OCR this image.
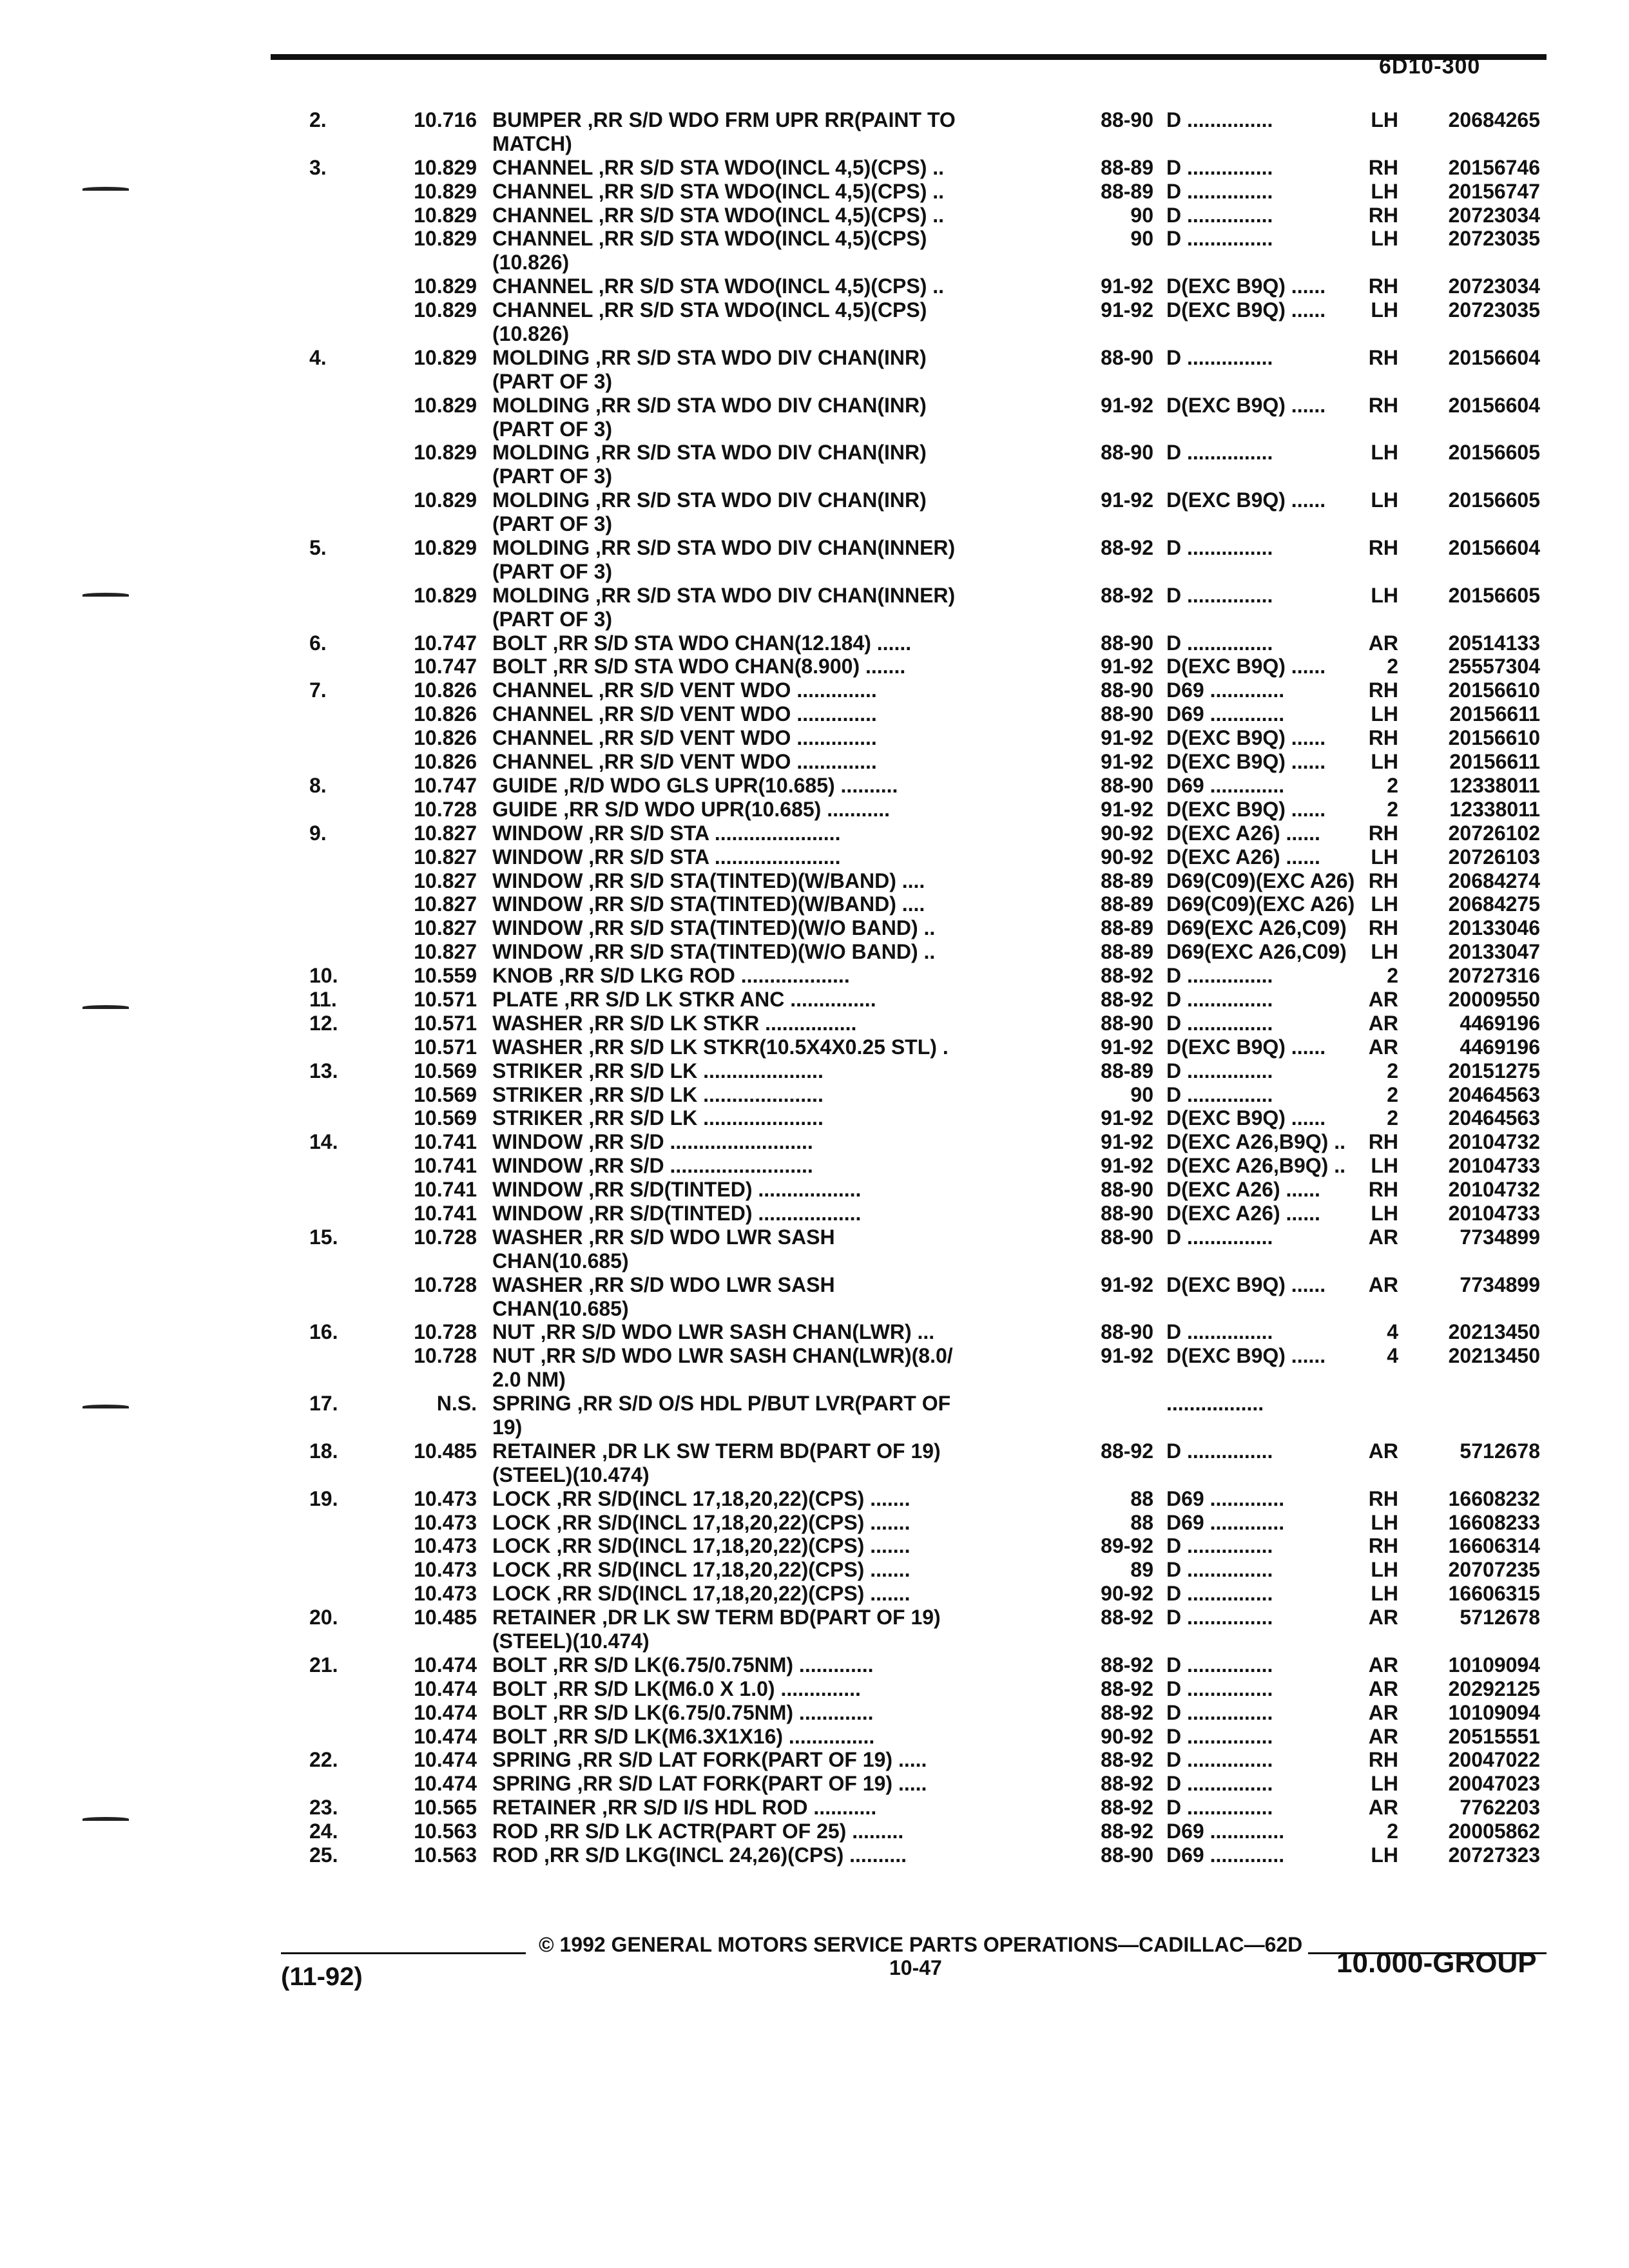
6D10-300
2.	10.716 BUMPER ,RR S/D WDO FRM UPR RR(PAINT TO	88-90 D ...............	LH	20684265
MATCH)
3.	10.829 CHANNEL ,RR S/D STA WDO(INCL 4,5)(CPS) ..	88-89 D ...............	RH	20156746
10.829 CHANNEL ,RR S/D STA WDO(INCL 4,5)(CPS) ..	88-89 D ...............	LH	20156747
10.829 CHANNEL ,RR S/D STA WDO(INCL 4,5)(CPS) ..	90 D ...............	RH	20723034
10.829 CHANNEL ,RR S/D STA WDO(INCL 4,5)(CPS)	90 D ...............	LH	20723035
(10.826)
10.829 CHANNEL ,RR S/D STA WDO(INCL 4,5)(CPS) ..	91-92 D(EXC B9Q) ......	RH	20723034
10.829 CHANNEL ,RR S/D STA WDO(INCL 4,5)(CPS)	91-92 D(EXC B9Q) ......	LH	20723035
(10.826)
4.	10.829 MOLDING ,RR S/D STA WDO DIV CHAN(INR)	88-90 D ...............	RH	20156604
(PART OF 3)
10.829 MOLDING ,RR S/D STA WDO DIV CHAN(INR)	91-92 D(EXC B9Q) ......	RH	20156604
(PART OF 3)
10.829 MOLDING ,RR S/D STA WDO DIV CHAN(INR)	88-90 D ...............	LH	20156605
(PART OF 3)
10.829 MOLDING ,RR S/D STA WDO DIV CHAN(INR)	91-92 D(EXC B9Q) ......	LH	20156605
(PART OF 3)
5.	10.829 MOLDING ,RR S/D STA WDO DIV CHAN(INNER)	88-92 D ...............	RH	20156604
(PART OF 3)
10.829 MOLDING ,RR S/D STA WDO DIV CHAN(INNER)	88-92 D ...............	LH	20156605
(PART OF 3)
6.	10.747 BOLT ,RR S/D STA WDO CHAN(12.184) ......	88-90 D ...............	AR	20514133
10.747 BOLT ,RR S/D STA WDO CHAN(8.900) .......	91-92 D(EXC B9Q) ......	2	25557304
7.	10.826 CHANNEL ,RR S/D VENT WDO ..............	88-90 D69 .............	RH	20156610
10.826 CHANNEL ,RR S/D VENT WDO ..............	88-90 D69 .............	LH	20156611
10.826 CHANNEL ,RR S/D VENT WDO ..............	91-92 D(EXC B9Q) ......	RH	20156610
10.826 CHANNEL ,RR S/D VENT WDO ..............	91-92 D(EXC B9Q) ......	LH	20156611
8.	10.747 GUIDE ,R/D WDO GLS UPR(10.685) ..........	88-90 D69 .............	2	12338011
10.728 GUIDE ,RR S/D WDO UPR(10.685) ...........	91-92 D(EXC B9Q) ......	2	12338011
9.	10.827 WINDOW ,RR S/D STA ......................	90-92 D(EXC A26) ......	RH	20726102
10.827 WINDOW ,RR S/D STA ......................	90-92 D(EXC A26) ......	LH	20726103
10.827 WINDOW ,RR S/D STA(TINTED)(W/BAND) ....	88-89 D69(C09)(EXC A26) RH	20684274
10.827 WINDOW ,RR S/D STA(TINTED)(W/BAND) ....	88-89 D69(C09)(EXC A26) LH	20684275
10.827 WINDOW ,RR S/D STA(TINTED)(W/O BAND) ..	88-89 D69(EXC A26,C09)	RH	20133046
10.827 WINDOW ,RR S/D STA(TINTED)(W/O BAND) ..	88-89 D69(EXC A26,C09)	LH	20133047
10.	10.559 KNOB ,RR S/D LKG ROD ...................	88-92 D ...............	2	20727316
11.	10.571 PLATE ,RR S/D LK STKR ANC ...............	88-92 D ...............	AR	20009550
12.	10.571 WASHER ,RR S/D LK STKR ................	88-90 D ...............	AR	4469196
10.571 WASHER ,RR S/D LK STKR(10.5X4X0.25 STL) .	91-92 D(EXC B9Q) ......	AR	4469196
13.	10.569 STRIKER ,RR S/D LK .....................	88-89 D ...............	2	20151275
10.569 STRIKER ,RR S/D LK .....................	90 D ...............	2	20464563
10.569 STRIKER ,RR S/D LK .....................	91-92 D(EXC B9Q) ......	2	20464563
14.	10.741 WINDOW ,RR S/D .........................	91-92 D(EXC A26,B9Q) ..	RH	20104732
10.741 WINDOW ,RR S/D .........................	91-92 D(EXC A26,B9Q) ..	LH	20104733
10.741 WINDOW ,RR S/D(TINTED) ..................	88-90 D(EXC A26) ......	RH	20104732
10.741 WINDOW ,RR S/D(TINTED) ..................	88-90 D(EXC A26) ......	LH	20104733
15.	10.728 WASHER ,RR S/D WDO LWR SASH	88-90 D ...............	AR	7734899
CHAN(10.685)
10.728 WASHER ,RR S/D WDO LWR SASH	91-92 D(EXC B9Q) ......	AR	7734899
CHAN(10.685)
16.	10.728 NUT ,RR S/D WDO LWR SASH CHAN(LWR) ...	88-90 D ...............	4	20213450
10.728 NUT ,RR S/D WDO LWR SASH CHAN(LWR)(8.0/	91-92 D(EXC B9Q) ......	4	20213450
2.0 NM)
17.	N.S. SPRING ,RR S/D O/S HDL P/BUT LVR(PART OF	.................
19)
18.	10.485 RETAINER ,DR LK SW TERM BD(PART OF 19)	88-92 D ...............	AR	5712678
(STEEL)(10.474)
19.	10.473 LOCK ,RR S/D(INCL 17,18,20,22)(CPS) .......	88 D69 .............	RH	16608232
10.473 LOCK ,RR S/D(INCL 17,18,20,22)(CPS) .......	88 D69 .............	LH	16608233
10.473 LOCK ,RR S/D(INCL 17,18,20,22)(CPS) .......	89-92 D ...............	RH	16606314
10.473 LOCK ,RR S/D(INCL 17,18,20,22)(CPS) .......	89 D ...............	LH	20707235
10.473 LOCK ,RR S/D(INCL 17,18,20,22)(CPS) .......	90-92 D ...............	LH	16606315
20.	10.485 RETAINER ,DR LK SW TERM BD(PART OF 19)	88-92 D ...............	AR	5712678
(STEEL)(10.474)
21.	10.474 BOLT ,RR S/D LK(6.75/0.75NM) .............	88-92 D ...............	AR	10109094
10.474 BOLT ,RR S/D LK(M6.0 X 1.0) ..............	88-92 D ...............	AR	20292125
10.474 BOLT ,RR S/D LK(6.75/0.75NM) .............	88-92 D ...............	AR	10109094
10.474 BOLT ,RR S/D LK(M6.3X1X16) ...............	90-92 D ...............	AR	20515551
22.	10.474 SPRING ,RR S/D LAT FORK(PART OF 19) .....	88-92 D ...............	RH	20047022
10.474 SPRING ,RR S/D LAT FORK(PART OF 19) .....	88-92 D ...............	LH	20047023
23.	10.565 RETAINER ,RR S/D I/S HDL ROD ...........	88-92 D ...............	AR	7762203
24.	10.563 ROD ,RR S/D LK ACTR(PART OF 25) .........	88-92 D69 .............	2	20005862
25.	10.563 ROD ,RR S/D LKG(INCL 24,26)(CPS) ..........	88-90 D69 .............	LH	20727323
© 1992 GENERAL MOTORS SERVICE PARTS OPERATIONS—CADILLAC—62D
(11-92)	10-47	10.000-GROUP
